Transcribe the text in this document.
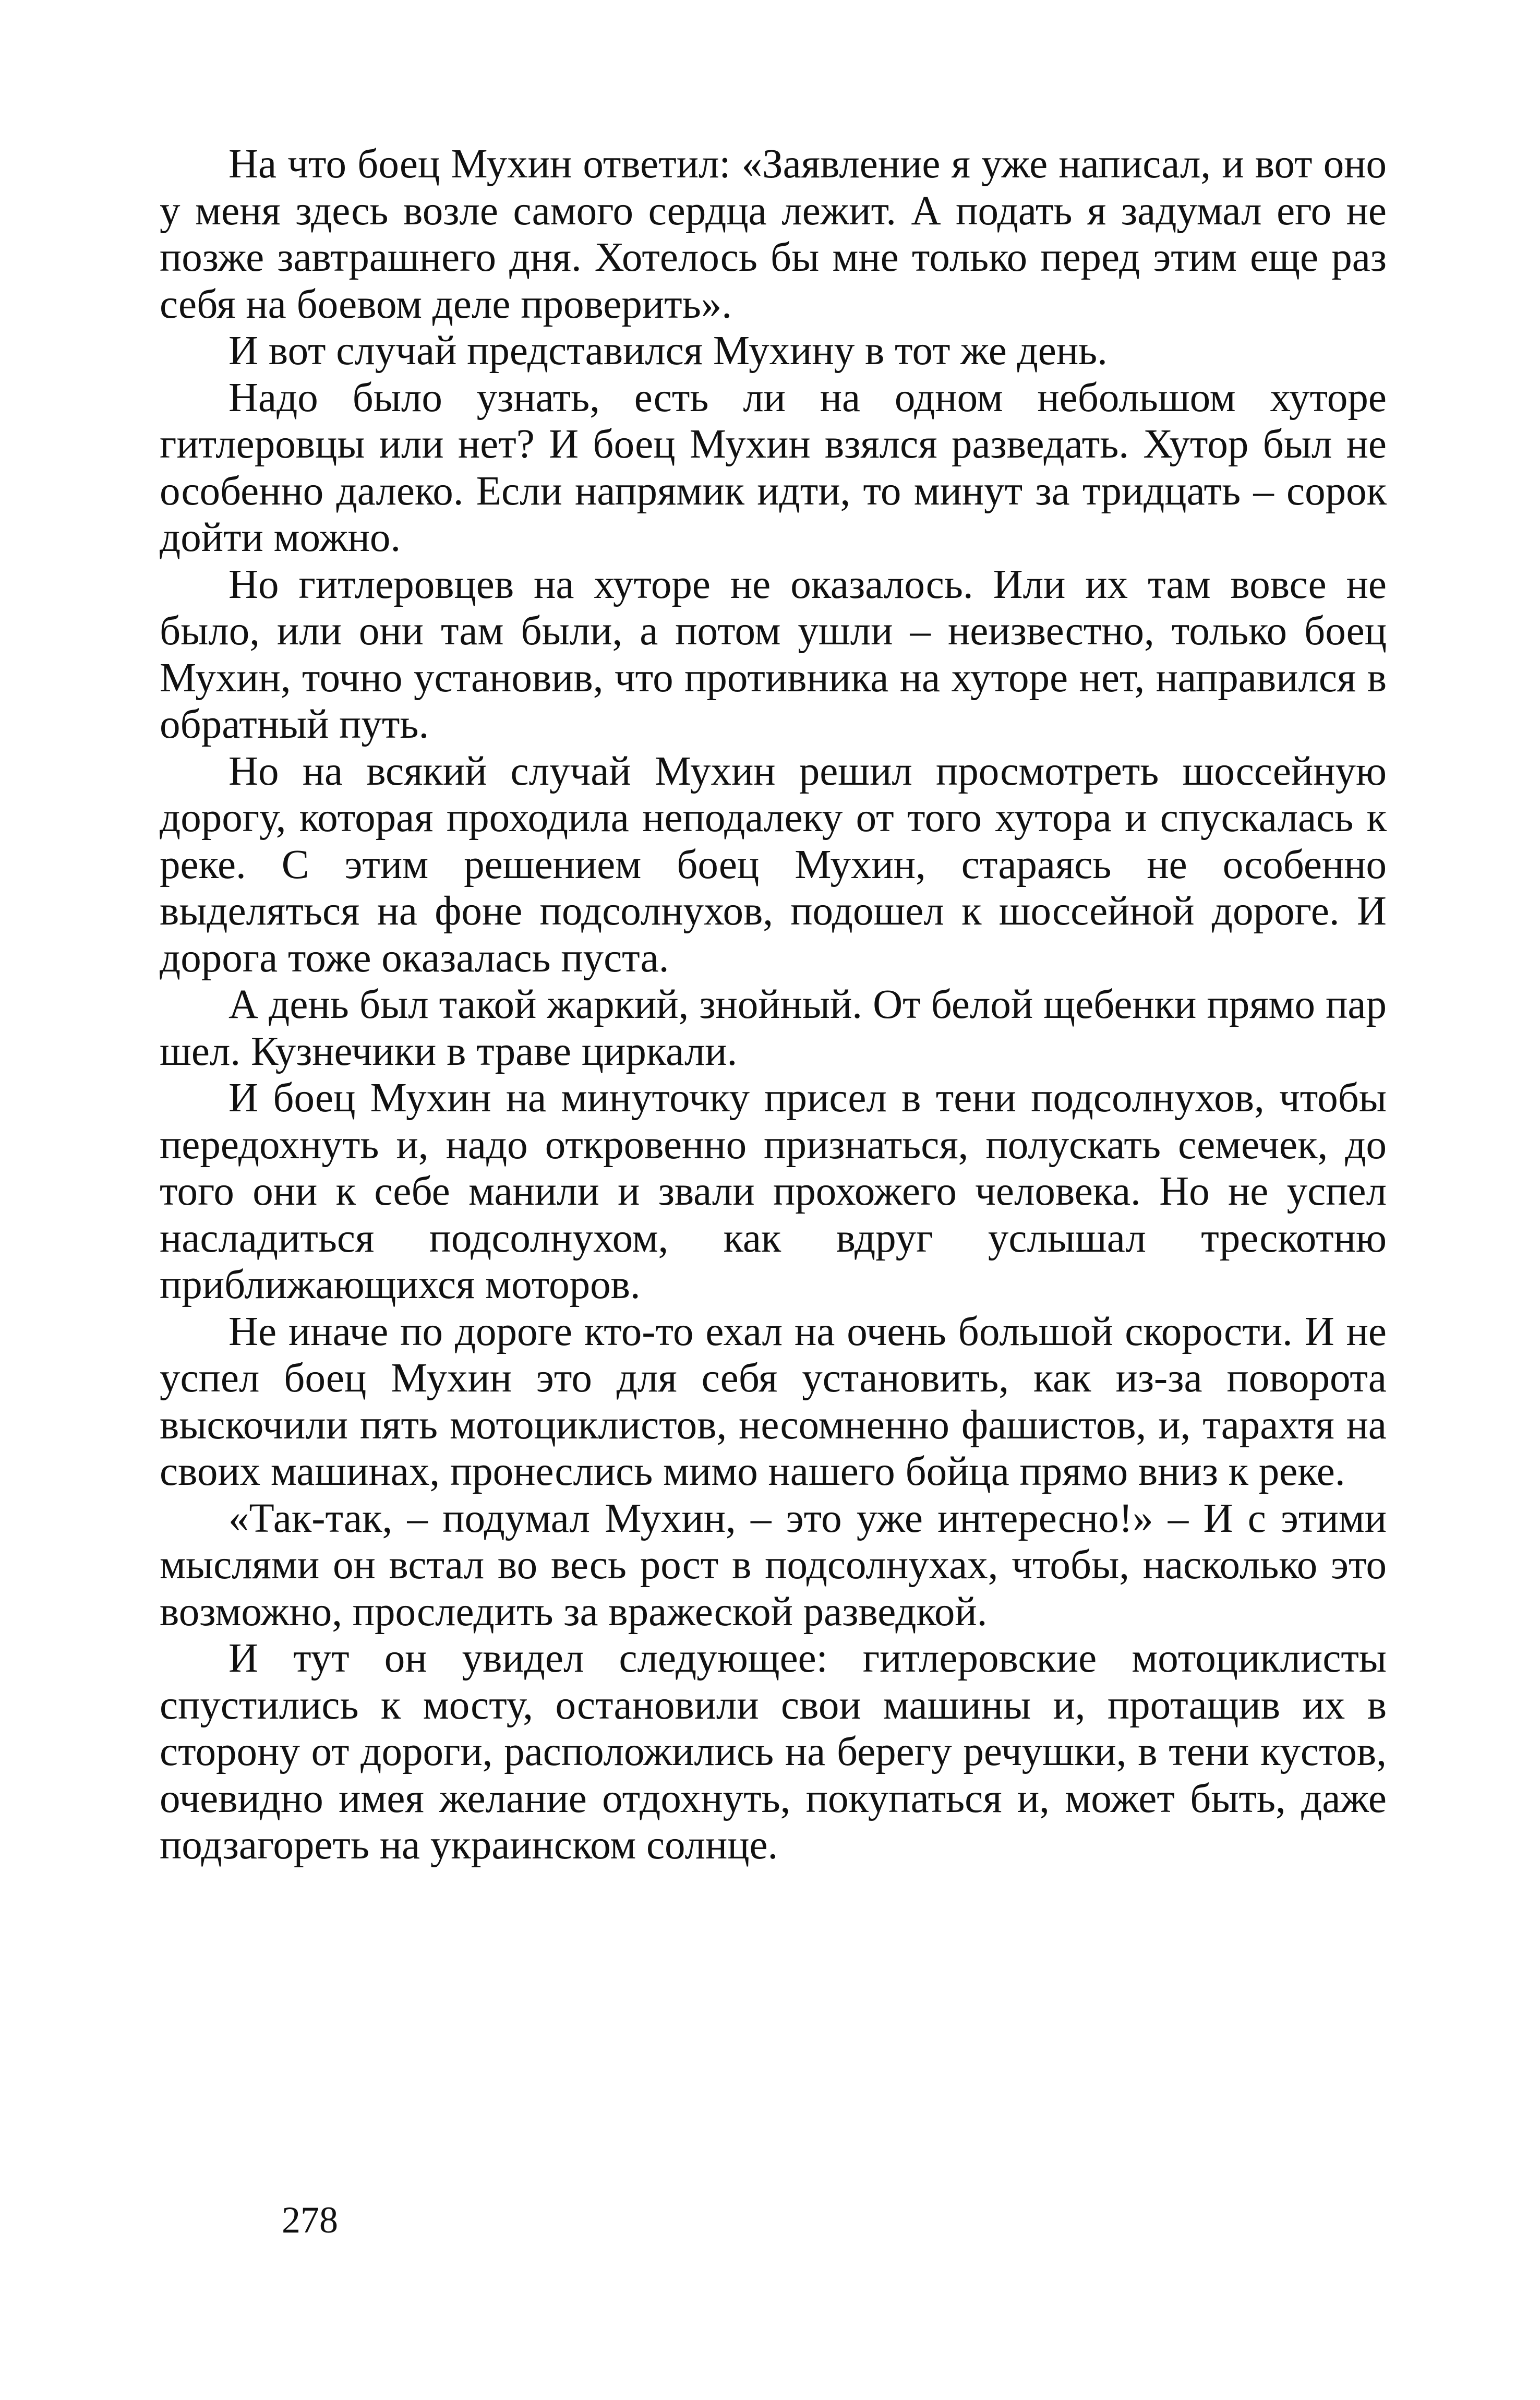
На что боец Мухин ответил: «Заявление я уже написал, и вот оно у меня здесь возле самого сердца лежит. А подать я задумал его не позже завтрашнего дня. Хотелось бы мне только перед этим еще раз себя на боевом деле проверить».

И вот случай представился Мухину в тот же день.

Надо было узнать, есть ли на одном небольшом хуторе гитлеровцы или нет? И боец Мухин взялся разведать. Хутор был не особенно далеко. Если напрямик идти, то минут за тридцать – сорок дойти можно.

Но гитлеровцев на хуторе не оказалось. Или их там вовсе не было, или они там были, а потом ушли – неизвестно, только боец Мухин, точно установив, что противника на хуторе нет, направился в обратный путь.

Но на всякий случай Мухин решил просмотреть шоссейную дорогу, которая проходила неподалеку от того хутора и спускалась к реке. С этим решением боец Мухин, стараясь не особенно выделяться на фоне подсолнухов, подошел к шоссейной дороге. И дорога тоже оказалась пуста.

А день был такой жаркий, знойный. От белой щебенки прямо пар шел. Кузнечики в траве циркали.

И боец Мухин на минуточку присел в тени подсолнухов, чтобы передохнуть и, надо откровенно признаться, полускать семечек, до того они к себе манили и звали прохожего человека. Но не успел насладиться подсолнухом, как вдруг услышал трескотню приближающихся моторов.

Не иначе по дороге кто-то ехал на очень большой скорости. И не успел боец Мухин это для себя установить, как из-за поворота выскочили пять мотоциклистов, несомненно фашистов, и, тарахтя на своих машинах, пронеслись мимо нашего бойца прямо вниз к реке.

«Так-так, – подумал Мухин, – это уже интересно!» – И с этими мыслями он встал во весь рост в подсолнухах, чтобы, насколько это возможно, проследить за вражеской разведкой.

И тут он увидел следующее: гитлеровские мотоциклисты спустились к мосту, остановили свои машины и, протащив их в сторону от дороги, расположились на берегу речушки, в тени кустов, очевидно имея желание отдохнуть, покупаться и, может быть, даже подзагореть на украинском солнце.

278
